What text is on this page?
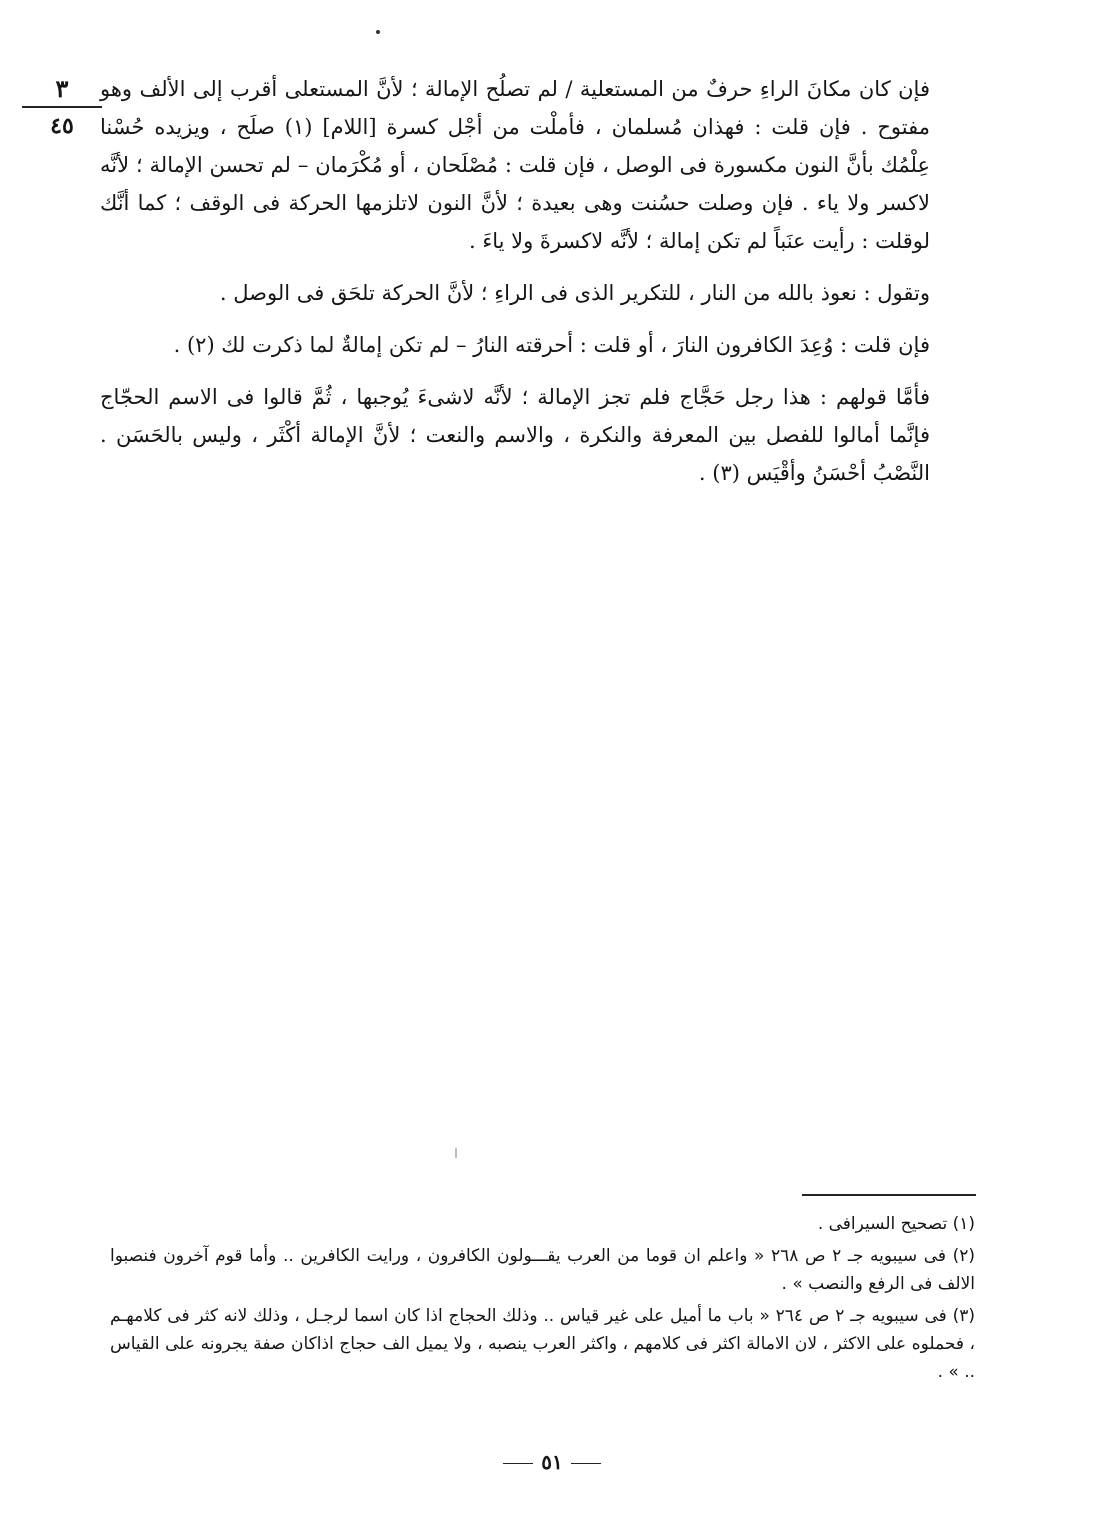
٣
٤٥

فإن كان مكانَ الراءِ حرفٌ من المستعلية / لم تصلُح الإمالة ؛ لأنَّ المستعلى أقرب إلى الألف وهو مفتوح . فإن قلت : فهذان مُسلمان ، فأملْت من أجْل كسرة [اللام] (١) صلَح ، ويزيده حُسْنا عِلْمُك بأنَّ النون مكسورة فى الوصل ، فإن قلت : مُصْلَحان ، أو مُكْرَمان – لم تحسن الإمالة ؛ لأنَّه لاكسر ولا ياء . فإن وصلت حسُنت وهى بعيدة ؛ لأنَّ النون لاتلزمها الحركة فى الوقف ؛ كما أنَّك لوقلت : رأيت عنَباً لم تكن إمالة ؛ لأنَّه لاكسرةَ ولا ياءَ .

وتقول : نعوذ بالله من النار ، للتكرير الذى فى الراءِ ؛ لأنَّ الحركة تلحَق فى الوصل .

فإن قلت : وُعِدَ الكافرون النارَ ، أو قلت : أحرقته النارُ – لم تكن إمالةٌ لما ذكرت لك (٢) .

فأمَّا قولهم : هذا رجل حَجَّاج فلم تجز الإمالة ؛ لأنَّه لاشىءَ يُوجبها ، ثُمَّ قالوا فى الاسم الحجّاج فإنَّما أمالوا للفصل بين المعرفة والنكرة ، والاسم والنعت ؛ لأنَّ الإمالة أكْثَر ، وليس بالحَسَن . النَّصْبُ أحْسَنُ وأقْيَس (٣) .

(١) تصحيح السيرافى .

(٢) فى سيبويه جـ ٢ ص ٢٦٨ « واعلم ان قوما من العرب يقـــولون الكافرون ، ورايت الكافرين .. وأما قوم آخرون فنصبوا الالف فى الرفع والنصب » .

(٣) فى سيبويه جـ ٢ ص ٢٦٤ « باب ما أميل على غير قياس .. وذلك الحجاج اذا كان اسما لرجـل ، وذلك لانه كثر فى كلامهـم ، فحملوه على الاكثر ، لان الامالة اكثر فى كلامهم ، واكثر العرب ينصبه ، ولا يميل الف حجاج اذاكان صفة يجرونه على القياس .. » .

٥١
